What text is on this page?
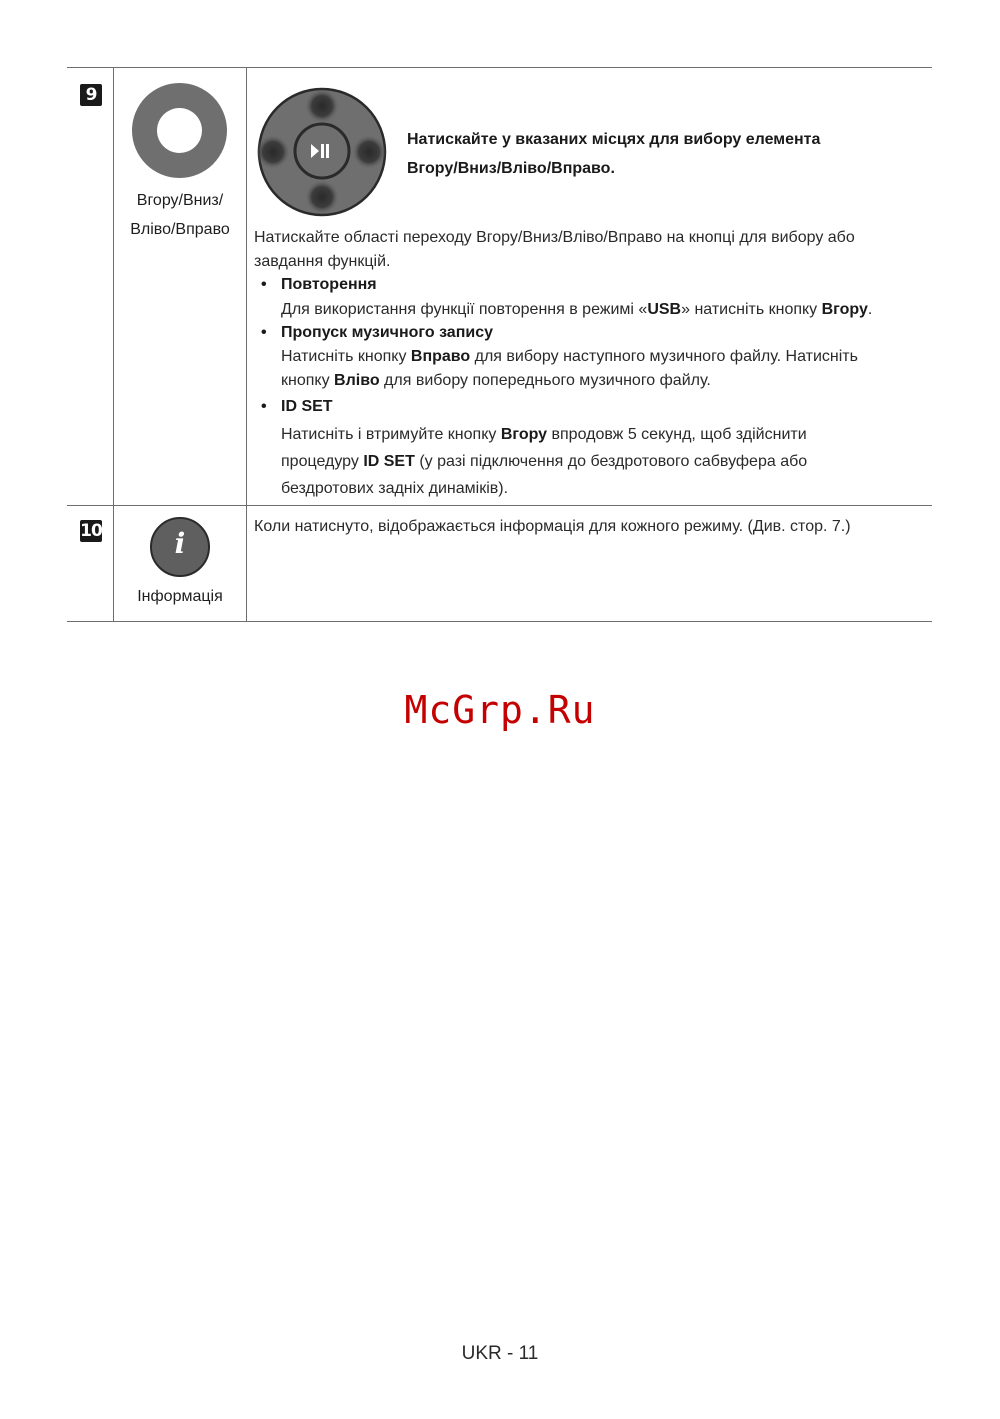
9
Вгору/Вниз/
Вліво/Вправо
Натискайте у вказаних місцях для вибору елемента
Вгору/Вниз/Вліво/Вправо.
Натискайте області переходу Вгору/Вниз/Вліво/Вправо на кнопці для вибору або
завдання функцій.
• Повторення
Для використання функції повторення в режимі «USB» натисніть кнопку Вгору.
• Пропуск музичного запису
Натисніть кнопку Вправо для вибору наступного музичного файлу. Натисніть
кнопку Вліво для вибору попереднього музичного файлу.
• ID SET
Натисніть і втримуйте кнопку Вгору впродовж 5 секунд, щоб здійснити
процедуру ID SET (у разі підключення до бездротового сабвуфера або
бездротових задніх динаміків).
10	i
Інформація
Коли натиснуто, відображається інформація для кожного режиму. (Див. стор. 7.)
McGrp.Ru
UKR - 11
